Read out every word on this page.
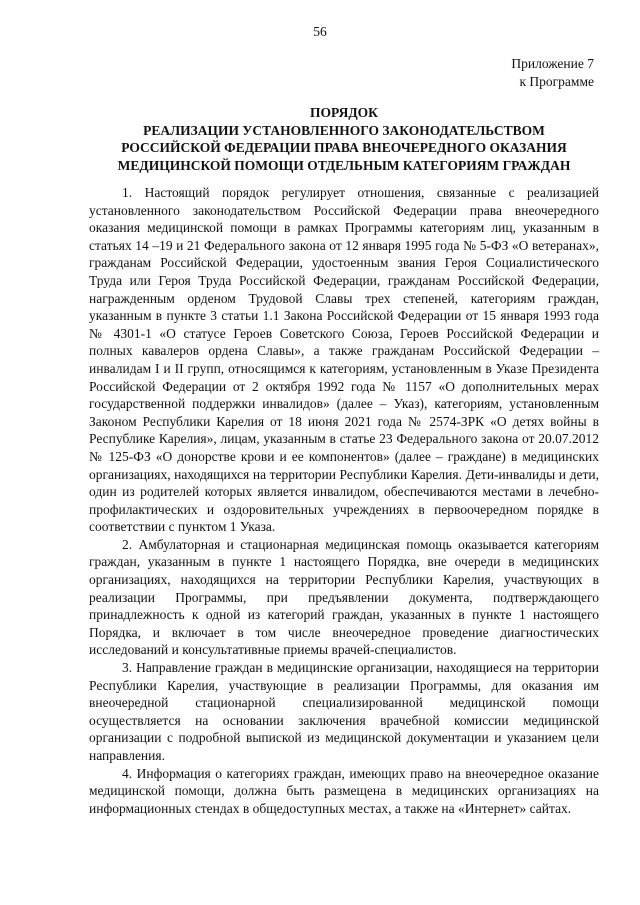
56
Приложение 7
к Программе
ПОРЯДОК
РЕАЛИЗАЦИИ УСТАНОВЛЕННОГО ЗАКОНОДАТЕЛЬСТВОМ
РОССИЙСКОЙ ФЕДЕРАЦИИ ПРАВА ВНЕОЧЕРЕДНОГО ОКАЗАНИЯ
МЕДИЦИНСКОЙ ПОМОЩИ ОТДЕЛЬНЫМ КАТЕГОРИЯМ ГРАЖДАН

1. Настоящий порядок регулирует отношения, связанные с реализацией установленного законодательством Российской Федерации права внеочередного оказания медицинской помощи в рамках Программы категориям лиц, указанным в статьях 14 –19 и 21 Федерального закона от 12 января 1995 года № 5-ФЗ «О ветеранах», гражданам Российской Федерации, удостоенным звания Героя Социалистического Труда или Героя Труда Российской Федерации, гражданам Российской Федерации, награжденным орденом Трудовой Славы трех степеней, категориям граждан, указанным в пункте 3 статьи 1.1 Закона Российской Федерации от 15 января 1993 года № 4301-1 «О статусе Героев Советского Союза, Героев Российской Федерации и полных кавалеров ордена Славы», а также гражданам Российской Федерации – инвалидам I и II групп, относящимся к категориям, установленным в Указе Президента Российской Федерации от 2 октября 1992 года № 1157 «О дополнительных мерах государственной поддержки инвалидов» (далее – Указ), категориям, установленным Законом Республики Карелия от 18 июня 2021 года № 2574-ЗРК «О детях войны в Республике Карелия», лицам, указанным в статье 23 Федерального закона от 20.07.2012 № 125-ФЗ «О донорстве крови и ее компонентов» (далее – граждане) в медицинских организациях, находящихся на территории Республики Карелия. Дети-инвалиды и дети, один из родителей которых является инвалидом, обеспечиваются местами в лечебно-профилактических и оздоровительных учреждениях в первоочередном порядке в соответствии с пунктом 1 Указа.

2. Амбулаторная и стационарная медицинская помощь оказывается категориям граждан, указанным в пункте 1 настоящего Порядка, вне очереди в медицинских организациях, находящихся на территории Республики Карелия, участвующих в реализации Программы, при предъявлении документа, подтверждающего принадлежность к одной из категорий граждан, указанных в пункте 1 настоящего Порядка, и включает в том числе внеочередное проведение диагностических исследований и консультативные приемы врачей-специалистов.

3. Направление граждан в медицинские организации, находящиеся на территории Республики Карелия, участвующие в реализации Программы, для оказания им внеочередной стационарной специализированной медицинской помощи осуществляется на основании заключения врачебной комиссии медицинской организации с подробной выпиской из медицинской документации и указанием цели направления.

4. Информация о категориях граждан, имеющих право на внеочередное оказание медицинской помощи, должна быть размещена в медицинских организациях на информационных стендах в общедоступных местах, а также на «Интернет» сайтах.
